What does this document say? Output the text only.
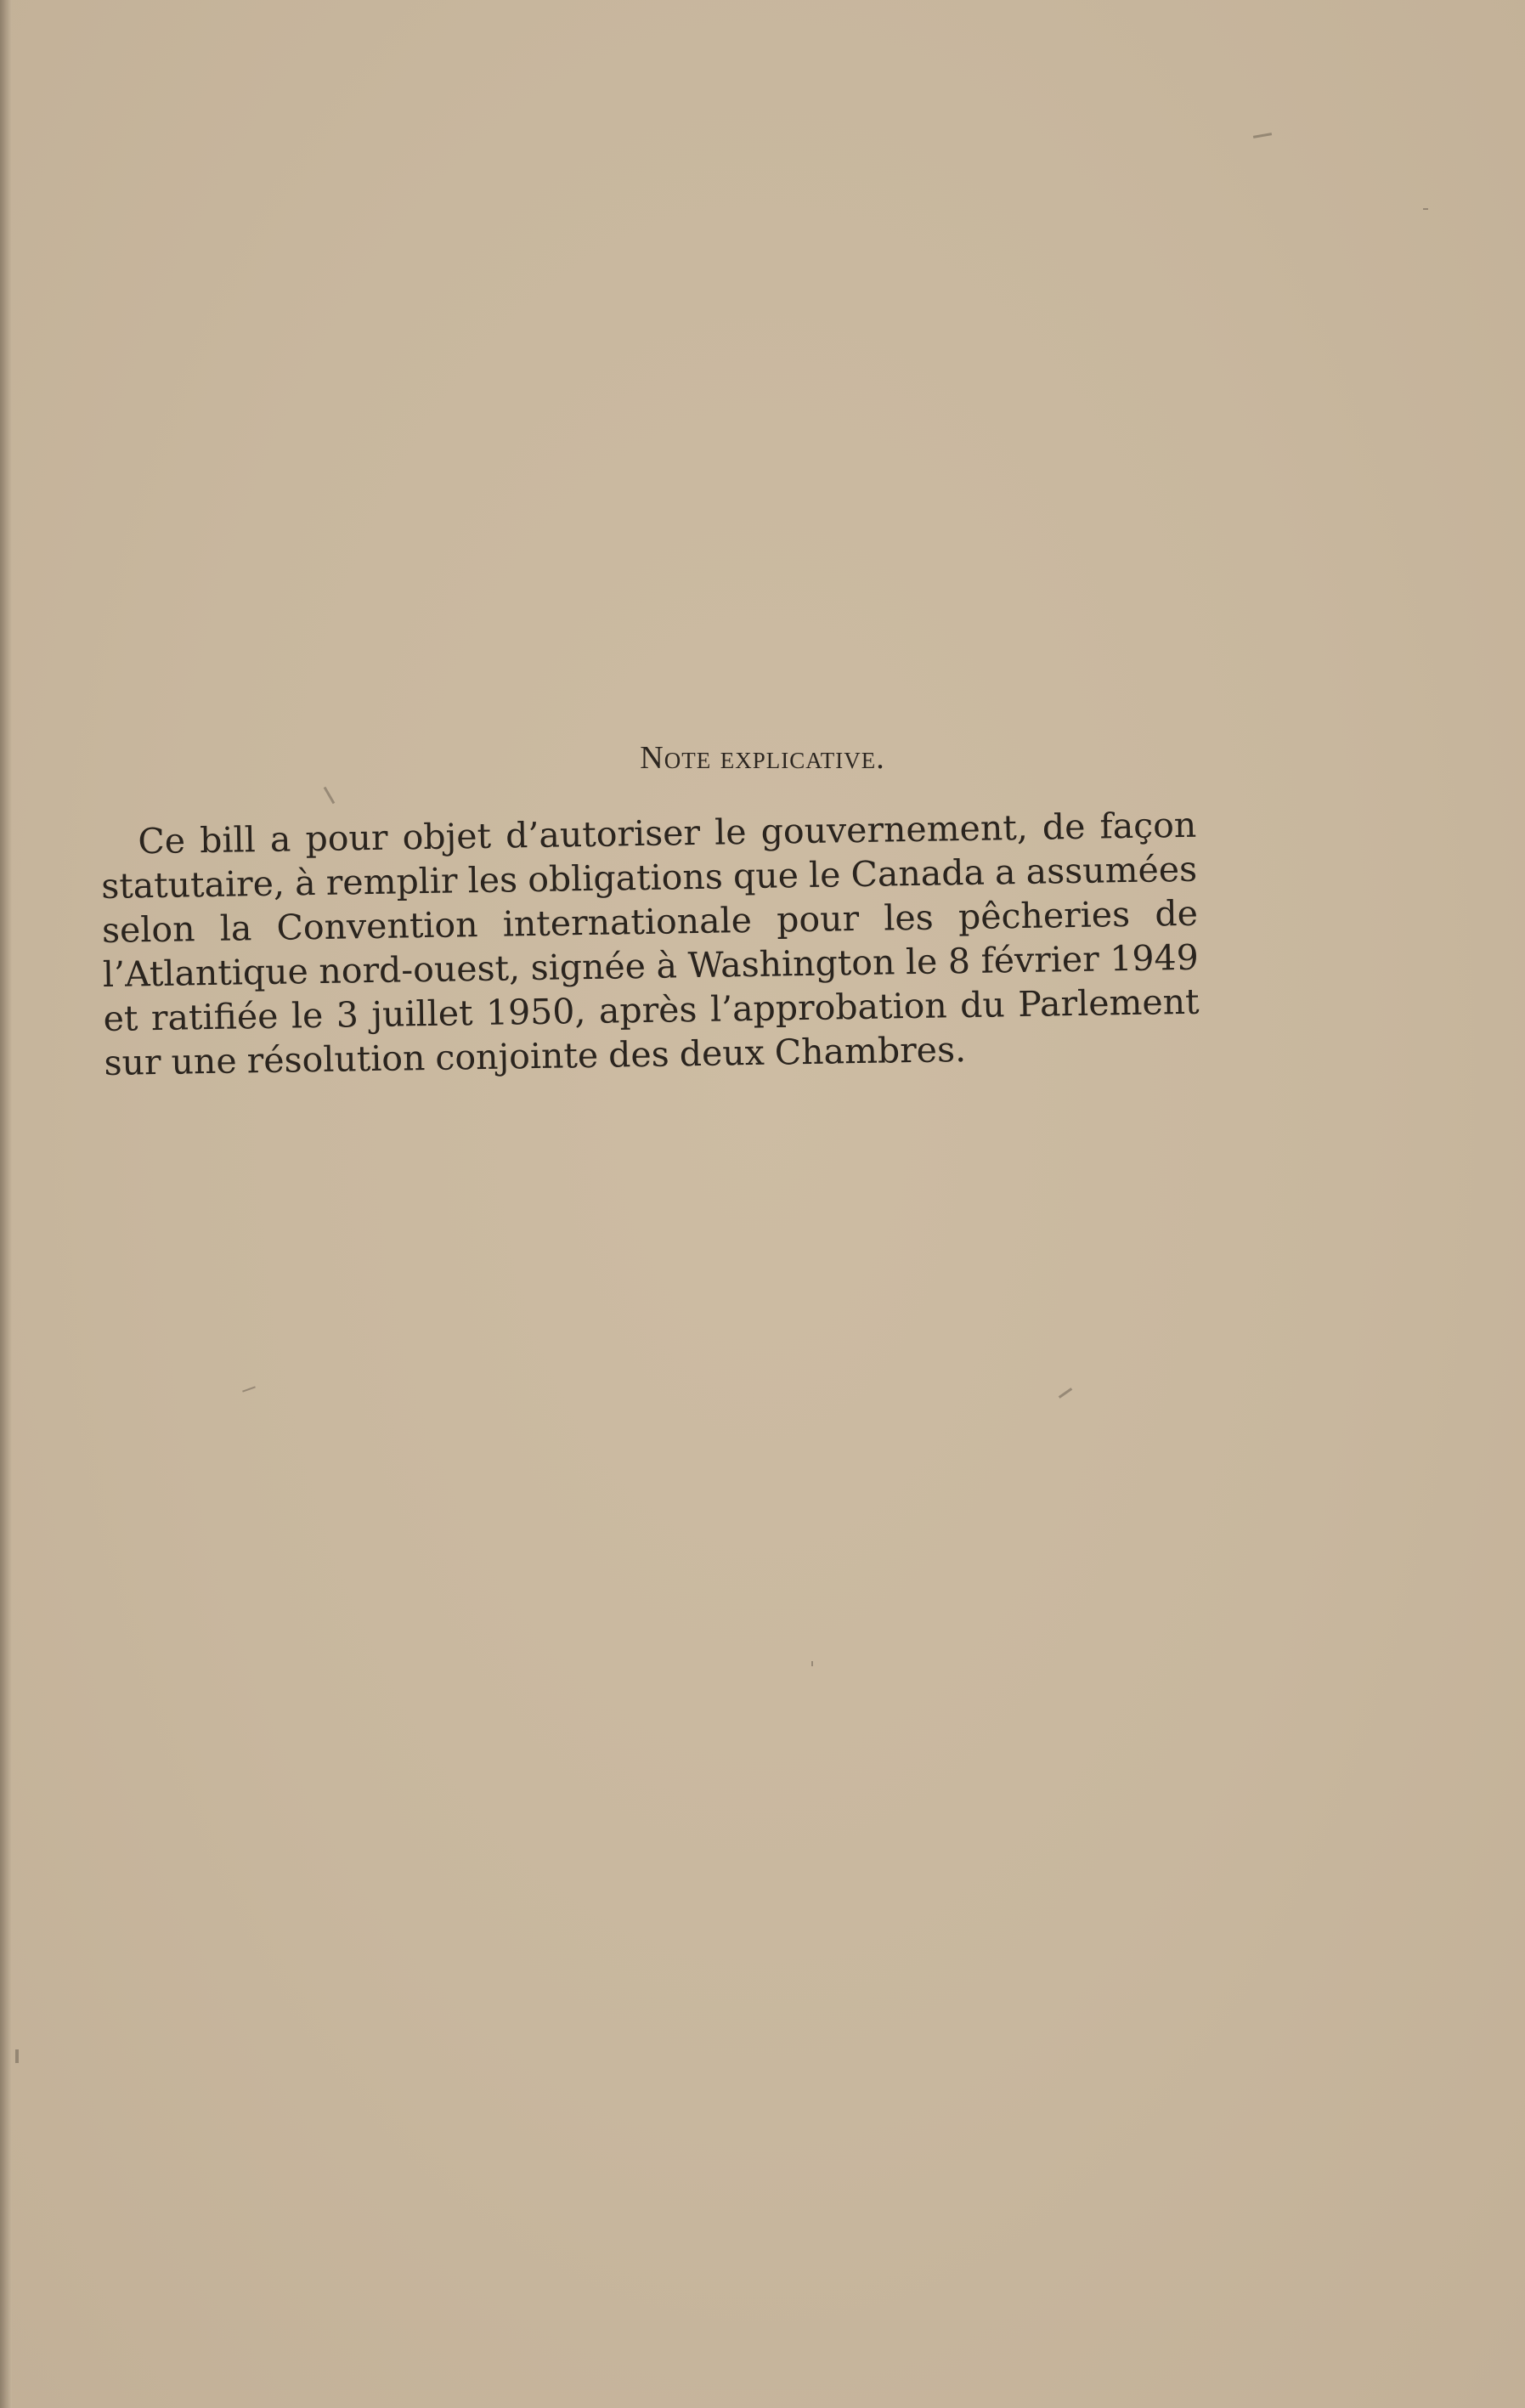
Note explicative.

Ce bill a pour objet d’autoriser le gouvernement, de façon statutaire, à remplir les obligations que le Canada a assumées selon la Convention internationale pour les pêcheries de l’Atlantique nord-ouest, signée à Washington le 8 février 1949 et ratifiée le 3 juillet 1950, après l’approbation du Parlement sur une résolution conjointe des deux Chambres.
